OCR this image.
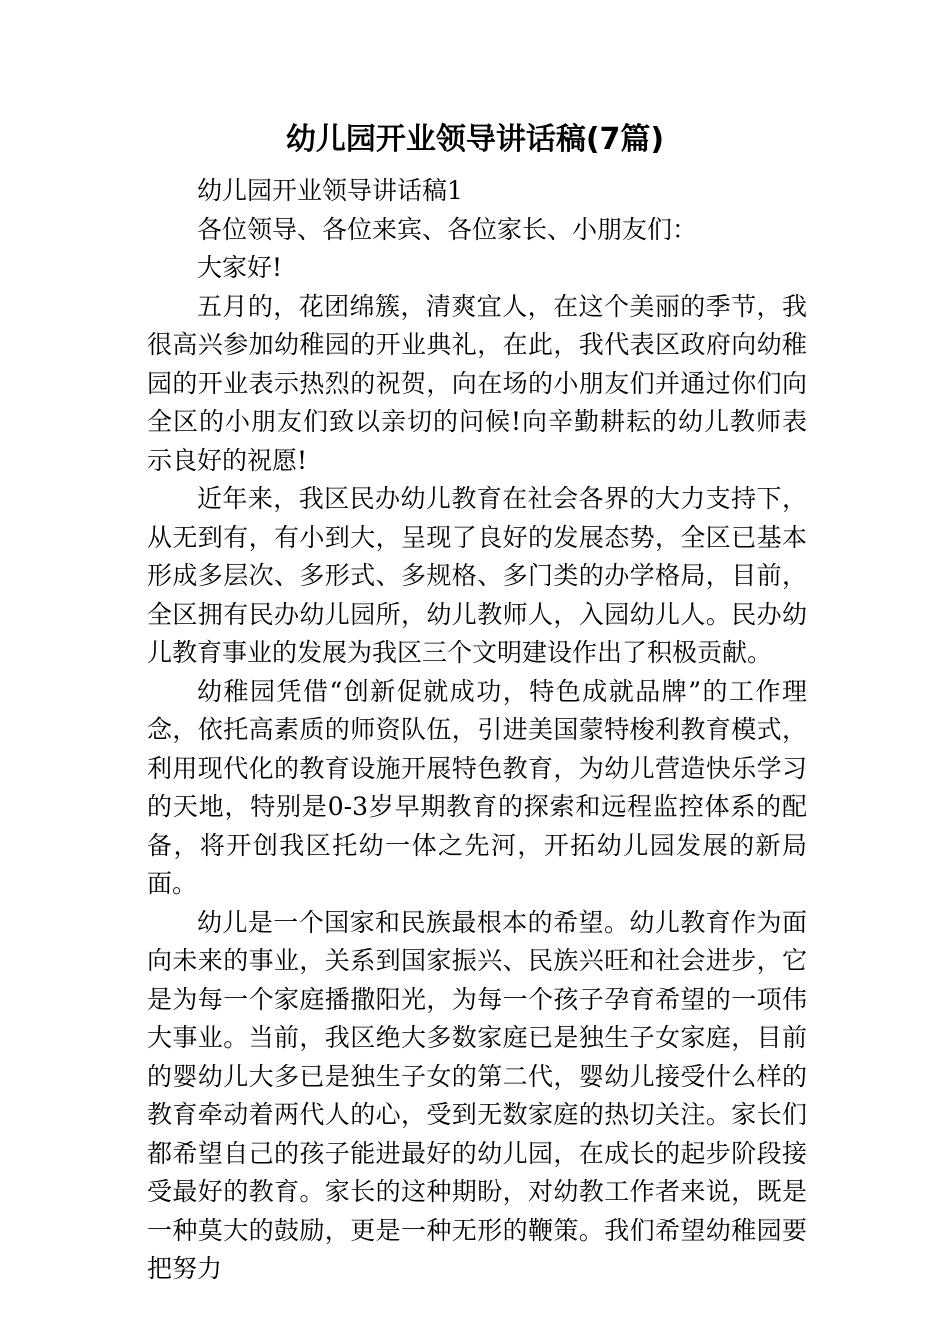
幼儿园开业领导讲话稿(7篇)

幼儿园开业领导讲话稿1

各位领导、各位来宾、各位家长、小朋友们：

大家好!

五月的，花团绵簇，清爽宜人，在这个美丽的季节，我很高兴参加幼稚园的开业典礼，在此，我代表区政府向幼稚园的开业表示热烈的祝贺，向在场的小朋友们并通过你们向全区的小朋友们致以亲切的问候!向辛勤耕耘的幼儿教师表示良好的祝愿!

近年来，我区民办幼儿教育在社会各界的大力支持下，从无到有，有小到大，呈现了良好的发展态势，全区已基本形成多层次、多形式、多规格、多门类的办学格局，目前，全区拥有民办幼儿园所，幼儿教师人，入园幼儿人。民办幼儿教育事业的发展为我区三个文明建设作出了积极贡献。

幼稚园凭借“创新促就成功，特色成就品牌”的工作理念，依托高素质的师资队伍，引进美国蒙特梭利教育模式，利用现代化的教育设施开展特色教育，为幼儿营造快乐学习的天地，特别是0-3岁早期教育的探索和远程监控体系的配备，将开创我区托幼一体之先河，开拓幼儿园发展的新局面。

幼儿是一个国家和民族最根本的希望。幼儿教育作为面向未来的事业，关系到国家振兴、民族兴旺和社会进步，它是为每一个家庭播撒阳光，为每一个孩子孕育希望的一项伟大事业。当前，我区绝大多数家庭已是独生子女家庭，目前的婴幼儿大多已是独生子女的第二代，婴幼儿接受什么样的教育牵动着两代人的心，受到无数家庭的热切关注。家长们都希望自己的孩子能进最好的幼儿园，在成长的起步阶段接受最好的教育。家长的这种期盼，对幼教工作者来说，既是一种莫大的鼓励，更是一种无形的鞭策。我们希望幼稚园要把努力
